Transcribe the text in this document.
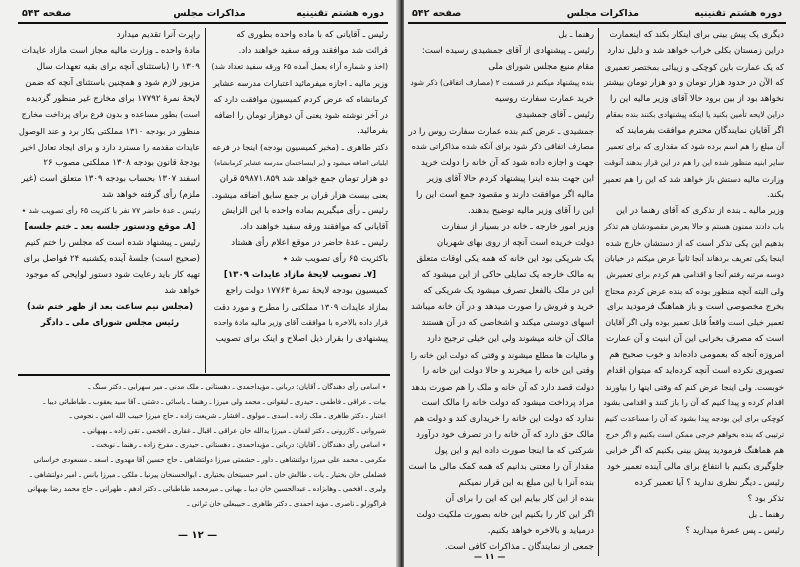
دوره هشتم تقنینیه
مذاکرات مجلس
صفحه ۵۴۳

رئیس ـ آقایانی که با ماده واحده بطوری که

قرائت شد موافقند ورقه سفید خواهند داد.

(اخذ و شماره آراء بعمل آمده ۶۵ ورقه سفید تعداد شد)

وزیر مالیه ـ اجازه میفرمائید اعتبارات مدرسه عشایر

کرمانشاه که عرض کردم کمیسیون موافقت دارد که

در آخر نوشته شود یعنی آن دوهزار تومان را اضافه

بفرمائید.

دکتر طاهری ـ (مخبر کمیسیون بودجه) اینجا در فرعه

ایلیاتی اضافه میشود و (بر اینساختمان مدرسه عشایر کرمانشاه)

دو هزار تومان جمع خواهد شد ۵۹۸۷۱.۸۵۹ قران

یعنی بیست هزار قران بر جمع سابق اضافه میشود.

رئیس ـ رأی میگیریم بماده واحده با این الزایش

آقایانی که موافقند ورقه سفید خواهند داد.

رئیس ـ عدهٔ حاضر در موقع اعلام رأی هشتاد

باکثریت ۶۵ رأی تصویب شد ٭

[۷ـ تصویب لایحهٔ مازاد عایدات ۱۳۰۹]

کمیسیون بودجه لایحهٔ نمرهٔ ۱۷۷۶۳ دولت راجع

بمازاد عایدات ۱۳۰۹ مملکتی را مطرح و مورد دقت

قرار داده بالاخره با موافقت آقای وزیر مالیه مادهٔ واحده

پیشنهادی را بقرار ذیل اصلاح و اینک برای تصویب

راپرت آنرا تقدیم میدارد

مادهٔ واحده ـ وزارت مالیه مجاز است مازاد عایدات

۱۳۰۹ را (باستثنای آنچه برای بقیه تعهدات سال

مزبور لازم شود و همچنین باستثنای آنچه که ضمن

لایحهٔ نمرهٔ ۱۷۷۹۲ برای مخارج غیر منظور گردیده

است) بطور مساعده و بدون فرع برای پرداخت مخارج

منظور در بودجه ۱۳۱۰ مملکتی بکار برد و عند الوصول

عایدات مقدمه را مسترد دارد و برای ایجاد تعادل اخیر

بودجهٔ قانون بودجه ۱۳۰۸ مملکتی مصوب ۲۶

اسفند ۱۳۰۷ بحساب بودجه ۱۳۰۹ متعلق است (غیر

ملزم) رأی گرفته خواهد شد

رئیس ـ عدهٔ حاضر ۷۷ نفر با کثریت ۶۵ رأی تصویب شد ٭

[۸ـ موقع ودستور جلسه بعد ـ ختم جلسه]

رئیس ـ پیشنهاد شده است که مجلس را ختم کنیم

(صحیح است) جلسهٔ آینده یکشنبه ۲۴ فواصل برای

تهیه کار باید رعایت شود دستور لوایحی که موجود

خواهد شد

(مجلس نیم ساعت بعد از ظهر ختم شد)

رئیس مجلس شورای ملی ـ دادگر

٭ اسامی رأی دهندگان ـ آقایان: دربانی ـ مؤیداحمدی ـ دهستانی ـ ملک مدنی ـ میر سهرابی ـ دکتر سنگ ـ

بیات ـ عراقی ـ فاطمی ـ حیدری ـ لیقوانی ـ محمد ولی میرزا ـ رهنما ـ یاسائی ـ دشتی ـ آقا سید یعقوب ـ طباطبائی دیبا ـ

اعتبار ـ دکتر طاهری ـ ملک زاده ـ اسدی ـ مولوی ـ افشار ـ شریعت زاده ـ حاج میرزا حبیب الله امین ـ نجومی ـ

شیروانی ـ کازرونی ـ دکتر لقمان ـ میرزا یدالله خان عراقی ـ اقبال ـ غفاری ـ افخمی ـ تقی زاده ـ بهبهانی ـ

٭ اسامی رأی دهندگان ـ آقایان: دربانی ـ مؤیداحمدی ـ دهستانی ـ حیدری ـ مفرخ زاده ـ رهنما ـ نوبخت ـ

مکرمی ـ محمد علی میرزا دولتشاهی ـ داور ـ حشمتی میرزا دولتشاهی ـ حاج حسین آقا مهدوی ـ اسعد ـ مسعودی خراسانی

فضلعلی خان بختیار ـ یات ـ طالش خان ـ امیر حسینخان بختیاری ـ ابوالحسنخان پیرنیا ـ ملکی ـ میرزا یانس ـ امیر دولتشاهی ـ

ولیری ـ افخمی ـ وهابزاده ـ عبدالحسین خان دیبا ـ بهبانی ـ میرمحمد طباطبائی ـ دکتر ادهم ـ طهرانی ـ حاج محمد رضا بهبهانی

قراگوزلو ـ ناصری ـ مؤید احمدی ـ دکتر طاهری ـ حبیبعلی خان ثرانی ـ

— ۱۲ —
دوره هشتم تقنینیه
مذاکرات مجلس
صفحه ۵۴۲

دیگری یک پیش بینی برای اینکار بکند که اینعمارت

دراین زمستان بکلی خراب خواهد شد و دلیل ندارد

که یک عمارت باین کوچکی و زیبائی بمختصر تعمیری

که الآن در حدود هزار تومان و دو هزار تومان بیشتر

نخواهد بود از بین برود حالا آقای وزیر مالیه این را

دراین لایحه تأمین بکنید یا اینکه پیشنهادی بکنند بنده بمقام

اگر آقایان نمایندگان محترم موافقت بفرمایند که

آن مبلغ را هم اسم برده شود که مقداری که برای تعمیر

سایر ابنیه منظور شده این را هم در این قرار بدهند آنوقت

وزارت مالیه دستش باز خواهد شد که این را هم تعمیر

بکند.

وزیر مالیه ـ بنده از تذکری که آقای رهنما در این

باب دادند ممنون هستم و حالا بعرض مقصودشان هم تذکر

بدهیم این یکی تذکر است که از دستشان خارج شده

اینجا یکی تعریف بردهاند آنجا ثانیاً عرض میکنم در خیابان

دوسه مرتبه رفتم آنجا و اقدامی هم کردم برای تعمیرش

ولی البته آنچه منظور بوده که بنده عرض کردم محتاج

بخرج مخصوصی است و باز هماهنگ فرمودید برای

تعمیر خیلی است واقعاً قابل تعمیر بوده ولی اگر آقایان

است که مصرف بخرابی این آن ابنیت و آن عمارت

امروزه آنجه که بعمومی داده‌اند و خوب صحیح هم

تصویری نکرده است آنچه کرده‌اید که میتوان اقدام

خوبست. ولی اینجا عرض کنم که وقتی اینها را بیاورند

اقدام کرده و پیدا کنیم که آن را باز کنند و اقدامی بشود

کوچکی برای این بودجه پیدا بشود که آن را مساعدت کنیم

ترتیبی که بنده بخواهم خرجی ممکن است بکنیم و اگر خرج

هم هماهنگ فرمودید پیش بینی بکنیم که اگر خرابی

جلوگیری بکنیم با انتفاع برای مالی آینده تعمیر خود

رئیس ـ دیگر نظری ندارید ؟ آیا تعمیر کرده

تذکر بود ؟

رهنما ـ بل

رئیس ـ پس عمرهٔ میدارید ؟

رهنما ـ بل

رئیس ـ پیشنهادی از آقای جمشیدی رسیده است:

مقام منیع مجلس شورای ملی

بنده پیشنهاد میکنم در قسمت ۲ (مصارف اتفاقی) ذکر شود

خرید عمارت سفارت روسیه

رئیس ـ آقای جمشیدی

جمشیدی ـ عرض کنم بنده عمارت سفارت روس را در

مصارف اتفاقی ذکر شود برای آنکه شده مذاکراتی شده

جهت و اجازه داده شود که آن خانه را دولت خرید

این جهت بنده اینرا پیشنهاد کردم حالا آقای وزیر

مالیه اگر موافقت دارند و مقصود جمع است این را

این را آقای وزیر مالیه توضیح بدهند.

وزیر امور خارجه ـ خانه در بسیار از سفارت

دولت خریده است آنچه از روی بهای شهربان

یک شریکی بود این خانه که همه یکی اوقات متعلق

به مالک خارجه یک تمایلی حاکی از این میشود که

این در ملک بالفعل تصرف میشود یک شریکی که

خرید و فروش را صورت میدهد و در آن خانه میباشد

اسهای دوستی میکند و اشخاصی که در آن هستند

مالک آن خانه میشوند ولی این خیلی ترجیح دارد

و مالیات ها مطلع میشوند و وقتی که دولت این خانه را

وقتی این خانه را میخرند و حالا دولت این خانه را

دولت قصد دارد که آن خانه و ملک را هم صورت بدهد

مراد پرداخت میشود که دولت خانه را مالک است

ندارد که دولت این خانه را خریداری کند و دولت هم

مالک حق دارد که آن خانه را در تصرف خود درآورد

شرکتی که ما اینجا صورت داده ایم و این پول

مقدار آن را معتنی بدانیم که همه کمک مالی ما است

بنده آنرا با این مبلغ به این قرار نمیکنم

بنده از این کار بیایم این که این را برای آن

اگر این کار را بکنیم این خانه بصورت ملکیت دولت

درمیاید و بالاخره خواهد بکنیم.

جمعی از نمایندگان ـ مذاکرات کافی است.

— ۱۱ —
